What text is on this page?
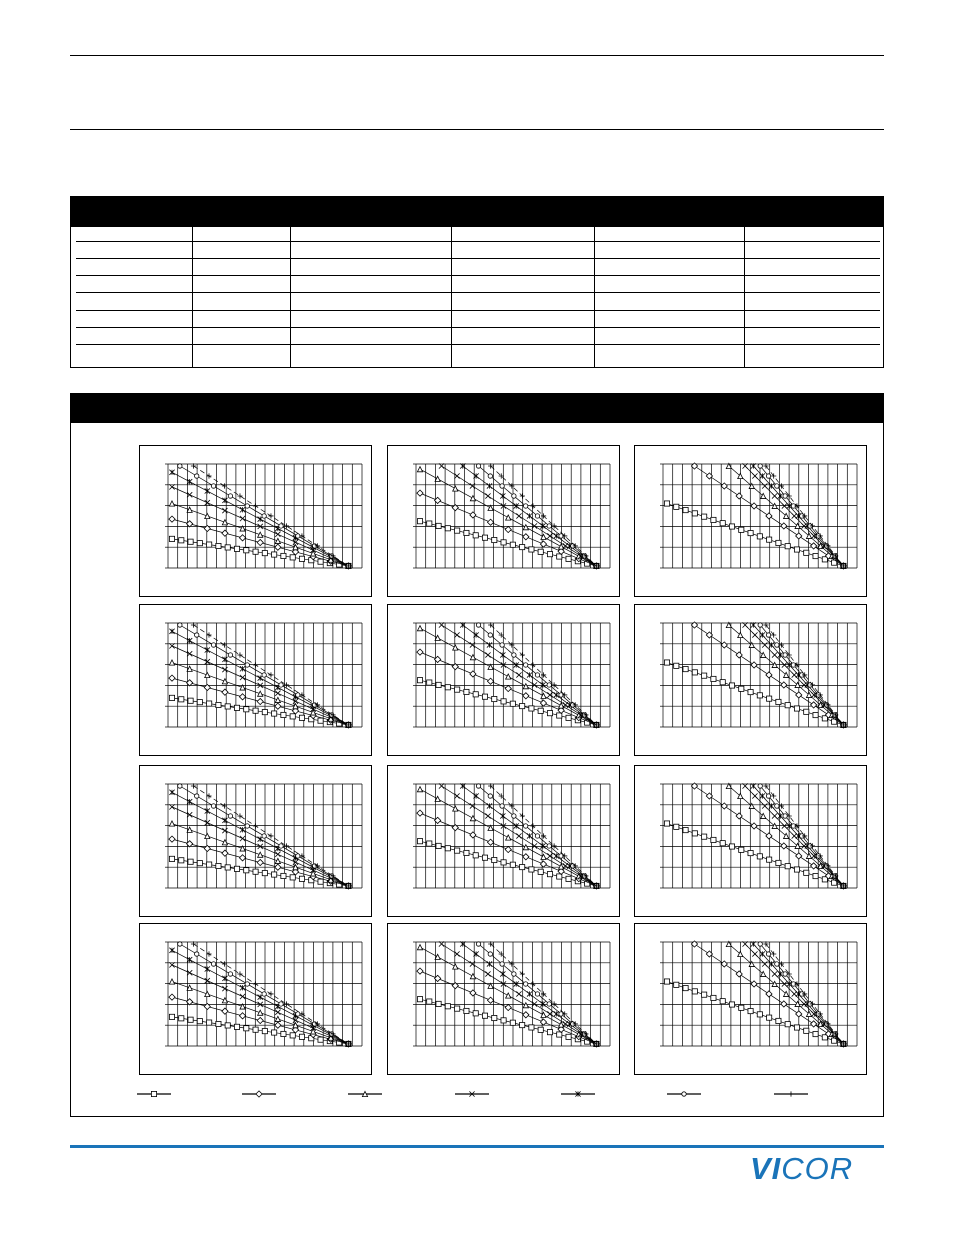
VICOR
